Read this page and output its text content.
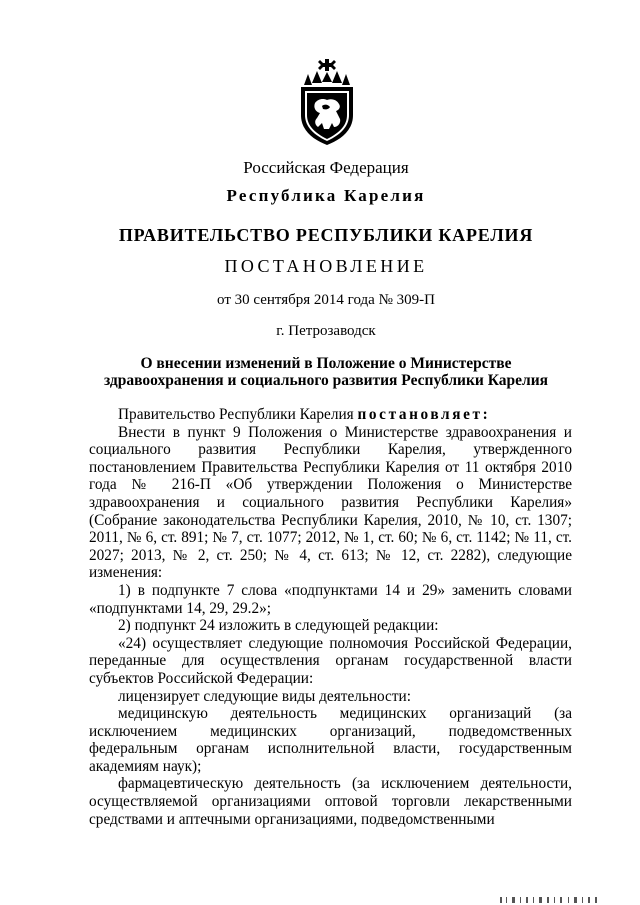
Российская Федерация
Республика Карелия
ПРАВИТЕЛЬСТВО РЕСПУБЛИКИ КАРЕЛИЯ
ПОСТАНОВЛЕНИЕ
от 30 сентября 2014 года № 309-П
г. Петрозаводск
О внесении изменений в Положение о Министерстве
здравоохранения и социального развития Республики Карелия

Правительство Республики Карелия постановляет:

Внести в пункт 9 Положения о Министерстве здравоохранения и социального развития Республики Карелия, утвержденного постановлением Правительства Республики Карелия от 11 октября 2010 года № 216-П «Об утверждении Положения о Министерстве здравоохранения и социального развития Республики Карелия» (Собрание законодательства Республики Карелия, 2010, № 10, ст. 1307; 2011, № 6, ст. 891; № 7, ст. 1077; 2012, № 1, ст. 60; № 6, ст. 1142; № 11, ст. 2027; 2013, № 2, ст. 250; № 4, ст. 613; № 12, ст. 2282), следующие изменения:

1) в подпункте 7 слова «подпунктами 14 и 29» заменить словами «подпунктами 14, 29, 29.2»;

2) подпункт 24 изложить в следующей редакции:

«24) осуществляет следующие полномочия Российской Федерации, переданные для осуществления органам государственной власти субъектов Российской Федерации:

лицензирует следующие виды деятельности:

медицинскую деятельность медицинских организаций (за исключением медицинских организаций, подведомственных федеральным органам исполнительной власти, государственным академиям наук);

фармацевтическую деятельность (за исключением деятельности, осуществляемой организациями оптовой торговли лекарственными средствами и аптечными организациями, подведомственными
